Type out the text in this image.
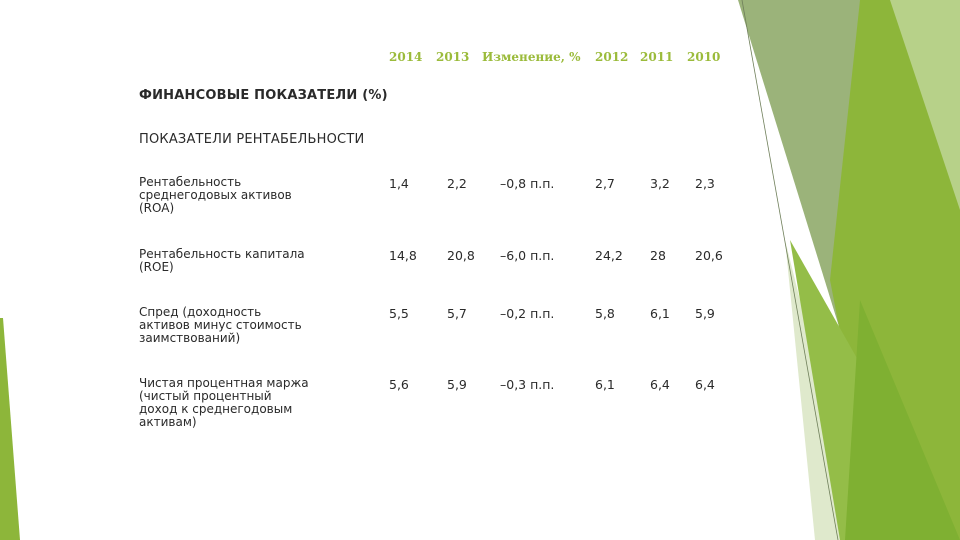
2014 2013 Изменение, % 2012 2011 2010
ФИНАНСОВЫЕ ПОКАЗАТЕЛИ (%)
ПОКАЗАТЕЛИ РЕНТАБЕЛЬНОСТИ
Рентабельность
среднегодовых активов
(ROA)
1,4	2,2	–0,8 п.п.	2,7	3,2 2,3
Рентабельность капитала
(ROE)
14,8 20,8 –6,0 п.п.	24,2 28 20,6
Спред (доходность
активов минус стоимость
заимствований)
5,5	5,7	–0,2 п.п.	5,8	6,1 5,9
Чистая процентная маржа
(чистый процентный
доход к среднегодовым
активам)
5,6	5,9	–0,3 п.п.	6,1	6,4 6,4
